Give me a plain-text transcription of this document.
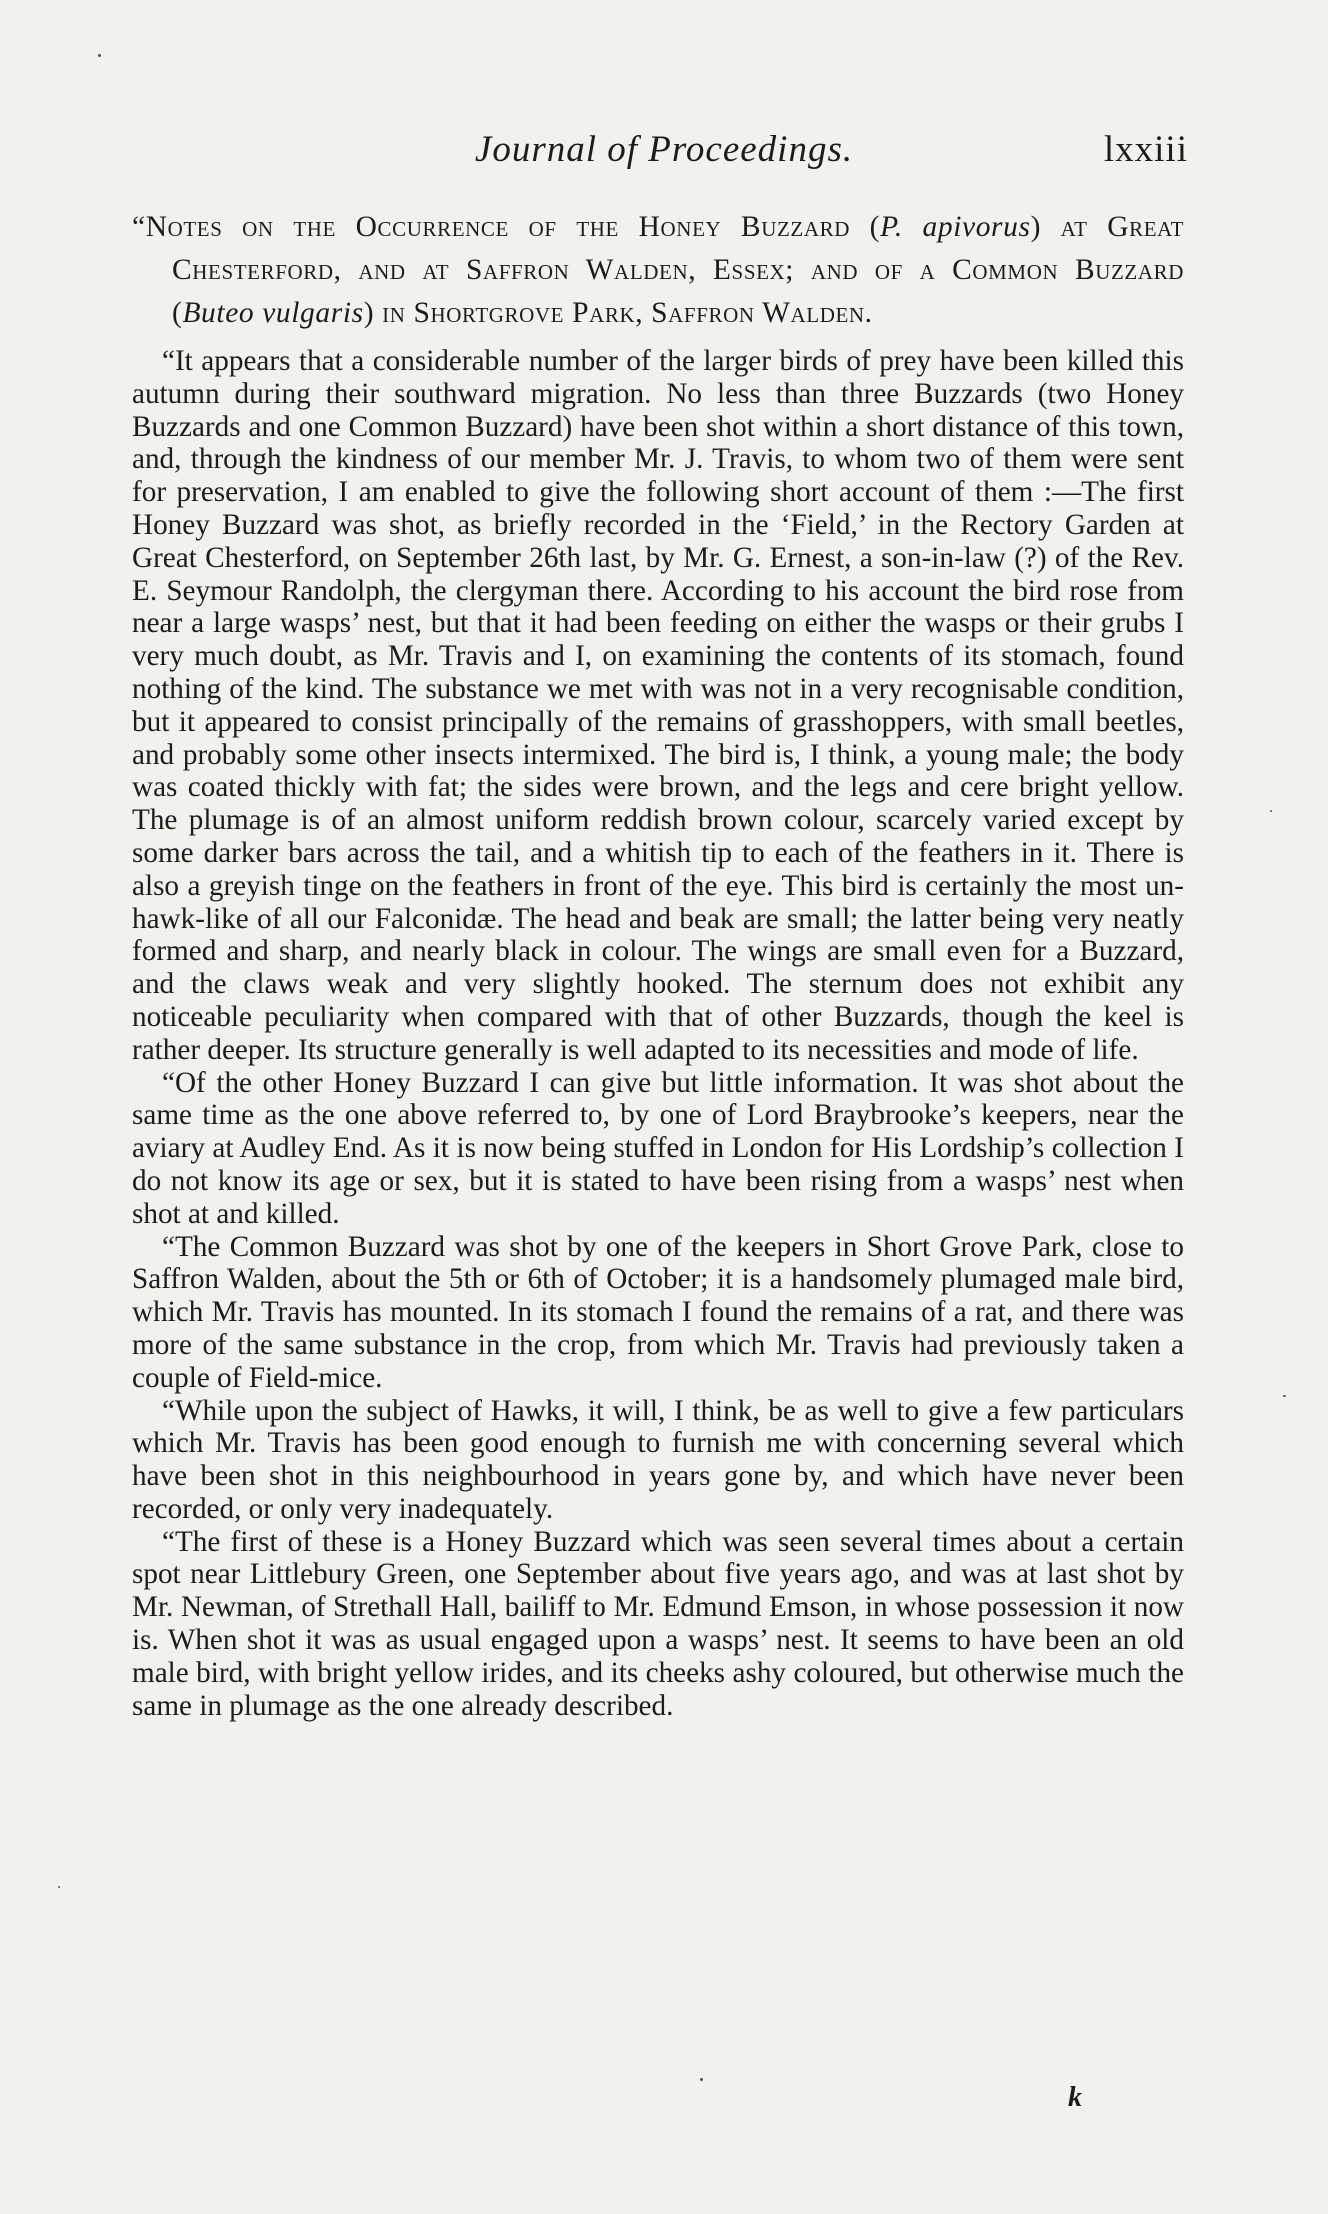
Journal of Proceedings.	lxxiii

“Notes on the Occurrence of the Honey Buzzard (P. apivorus) at Great Chesterford, and at Saffron Walden, Essex; and of a Common Buzzard (Buteo vulgaris) in Shortgrove Park, Saffron Walden.

“It appears that a considerable number of the larger birds of prey have been killed this autumn during their southward migration. No less than three Buzzards (two Honey Buzzards and one Common Buzzard) have been shot within a short distance of this town, and, through the kindness of our member Mr. J. Travis, to whom two of them were sent for preservation, I am enabled to give the following short account of them :—The first Honey Buzzard was shot, as briefly recorded in the ‘Field,’ in the Rectory Garden at Great Chesterford, on September 26th last, by Mr. G. Ernest, a son-in-law (?) of the Rev. E. Seymour Randolph, the clergyman there. According to his account the bird rose from near a large wasps’ nest, but that it had been feeding on either the wasps or their grubs I very much doubt, as Mr. Travis and I, on examining the contents of its stomach, found nothing of the kind. The substance we met with was not in a very recognisable condition, but it appeared to consist principally of the remains of grasshoppers, with small beetles, and probably some other insects intermixed. The bird is, I think, a young male; the body was coated thickly with fat; the sides were brown, and the legs and cere bright yellow. The plumage is of an almost uniform reddish brown colour, scarcely varied except by some darker bars across the tail, and a whitish tip to each of the feathers in it. There is also a greyish tinge on the feathers in front of the eye. This bird is certainly the most un-hawk-like of all our Falconidæ. The head and beak are small; the latter being very neatly formed and sharp, and nearly black in colour. The wings are small even for a Buzzard, and the claws weak and very slightly hooked. The sternum does not exhibit any noticeable peculiarity when compared with that of other Buzzards, though the keel is rather deeper. Its structure generally is well adapted to its necessities and mode of life.

“Of the other Honey Buzzard I can give but little information. It was shot about the same time as the one above referred to, by one of Lord Braybrooke’s keepers, near the aviary at Audley End. As it is now being stuffed in London for His Lordship’s collection I do not know its age or sex, but it is stated to have been rising from a wasps’ nest when shot at and killed.

“The Common Buzzard was shot by one of the keepers in Short Grove Park, close to Saffron Walden, about the 5th or 6th of October; it is a handsomely plumaged male bird, which Mr. Travis has mounted. In its stomach I found the remains of a rat, and there was more of the same substance in the crop, from which Mr. Travis had previously taken a couple of Field-mice.

“While upon the subject of Hawks, it will, I think, be as well to give a few particulars which Mr. Travis has been good enough to furnish me with concerning several which have been shot in this neighbourhood in years gone by, and which have never been recorded, or only very inadequately.

“The first of these is a Honey Buzzard which was seen several times about a certain spot near Littlebury Green, one September about five years ago, and was at last shot by Mr. Newman, of Strethall Hall, bailiff to Mr. Edmund Emson, in whose possession it now is. When shot it was as usual engaged upon a wasps’ nest. It seems to have been an old male bird, with bright yellow irides, and its cheeks ashy coloured, but otherwise much the same in plumage as the one already described.

k
